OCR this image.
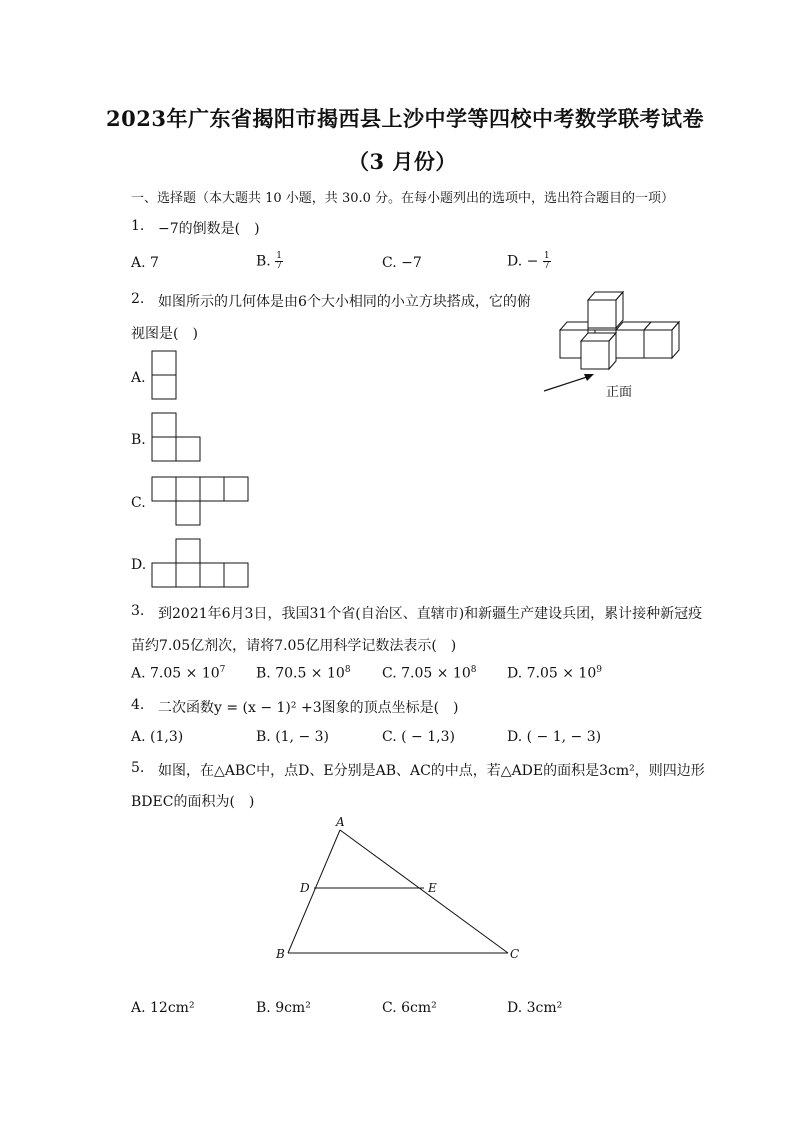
2023年广东省揭阳市揭西县上沙中学等四校中考数学联考试卷
（3 月份）
一、选择题（本大题共 10 小题，共 30.0 分。在每小题列出的选项中，选出符合题目的一项）
1. −7的倒数是(　)
A. 7	B. $\frac{1}{7}$	C. −7	D. − $\frac{1}{7}$
2. 如图所示的几何体是由6个大小相同的小立方块搭成，它的俯
视图是(　)
正面
A.
B.
C.
D.
3. 到2021年6月3日，我国31个省(自治区、直辖市)和新疆生产建设兵团，累计接种新冠疫
苗约7.05亿剂次，请将7.05亿用科学记数法表示(　)
A. $7.05 \times 10^7$ B. $70.5 \times 10^8$ C. $7.05 \times 10^8$ D. $7.05 \times 10^9$
4. 二次函数y = (x − 1)² +3图象的顶点坐标是(　)
A. (1,3)	B. (1, − 3)	C. ( − 1,3)	D. ( − 1, − 3)
5. 如图，在△ABC中，点D、E分别是AB、AC的中点，若△ADE的面积是3cm²，则四边形
BDEC的面积为(　)
A
B	C
D	E
A. 12cm²	B. 9cm²	C. 6cm²	D. 3cm²
